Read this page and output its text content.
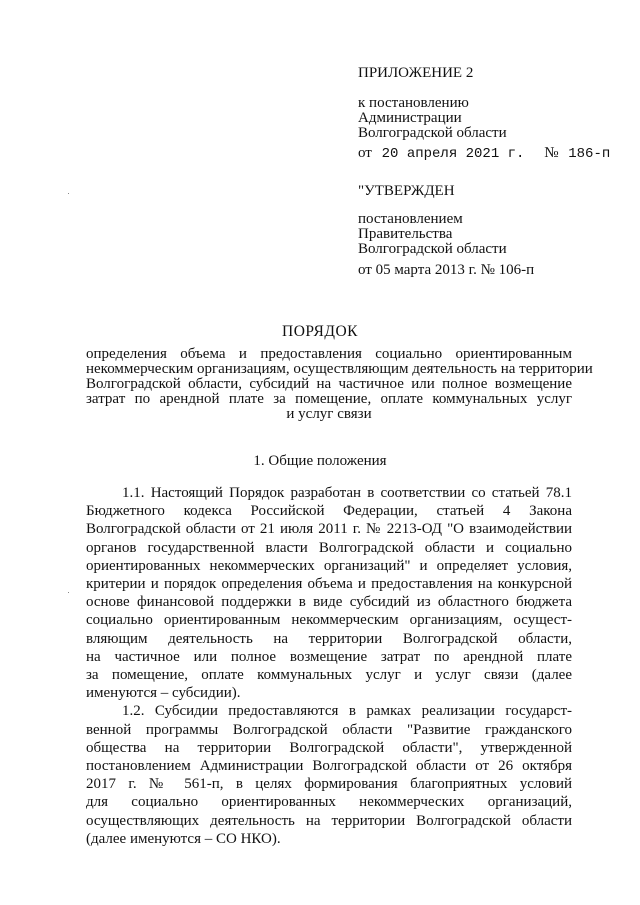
ПРИЛОЖЕНИЕ 2
к постановлению
Администрации
Волгоградской области
от 20 апреля 2021 г. № 186-п
"УТВЕРЖДЕН
постановлением
Правительства
Волгоградской области
от 05 марта 2013 г. № 106-п
ПОРЯДОК
определения объема и предоставления социально ориентированным
некоммерческим организациям, осуществляющим деятельность на территории
Волгоградской области, субсидий на частичное или полное возмещение
затрат по арендной плате за помещение, оплате коммунальных услуг
и услуг связи
1. Общие положения
1.1. Настоящий Порядок разработан в соответствии со статьей 78.1
Бюджетного кодекса Российской Федерации, статьей 4 Закона
Волгоградской области от 21 июля 2011 г. № 2213-ОД "О взаимодействии
органов государственной власти Волгоградской области и социально
ориентированных некоммерческих организаций" и определяет условия,
критерии и порядок определения объема и предоставления на конкурсной
основе финансовой поддержки в виде субсидий из областного бюджета
социально ориентированным некоммерческим организациям, осущест-
вляющим деятельность на территории Волгоградской области,
на частичное или полное возмещение затрат по арендной плате
за помещение, оплате коммунальных услуг и услуг связи (далее
именуются – субсидии).
1.2. Субсидии предоставляются в рамках реализации государст-
венной программы Волгоградской области "Развитие гражданского
общества на территории Волгоградской области", утвержденной
постановлением Администрации Волгоградской области от 26 октября
2017 г. № 561-п, в целях формирования благоприятных условий
для социально ориентированных некоммерческих организаций,
осуществляющих деятельность на территории Волгоградской области
(далее именуются – СО НКО).
